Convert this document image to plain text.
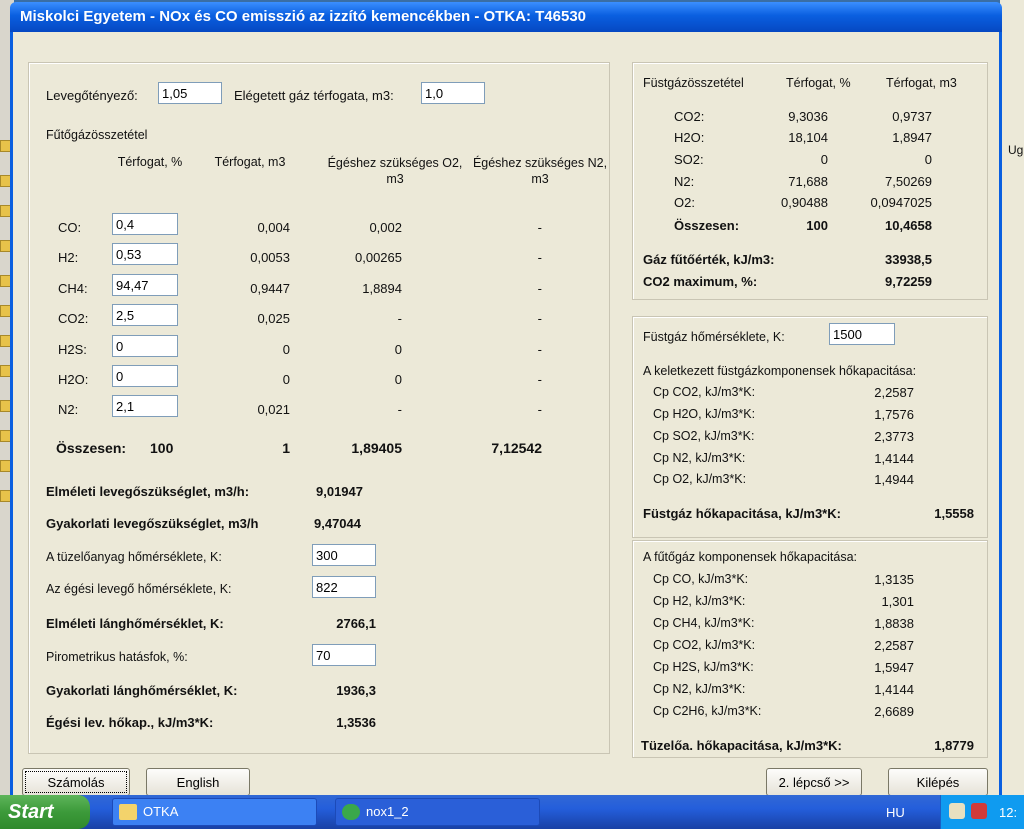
Ug
Miskolci Egyetem - NOx és CO emisszió az izzító kemencékben - OTKA: T46530
Levegőtényező:
1,05	Elégetett gáz térfogata, m3:
1,0
Fűtőgázösszetétel
Térfogat, %	Térfogat, m3	Égéshez szükséges O2, m3
Égéshez szükséges N2, m3
CO:
0,4	0,004	0,002	-
H2:
0,53	0,0053	0,00265	-
CH4:
94,47	0,9447	1,8894	-
CO2:
2,5	0,025	-	-
H2S:
0	0	0	-
H2O:
0	0	0	-
N2:
2,1	0,021	-	-
Összesen: 100	1	1,89405	7,12542
Elméleti levegőszükséglet, m3/h:	9,01947
Gyakorlati levegőszükséglet, m3/h	9,47044
A tüzelőanyag hőmérséklete, K:
300
Az égési levegő hőmérséklete, K:
822
Elméleti lánghőmérséklet, K:	2766,1
Pirometrikus hatásfok, %:
70
Gyakorlati lánghőmérséklet, K:	1936,3
Égési lev. hőkap., kJ/m3*K:	1,3536
Füstgázösszetétel	Térfogat, %	Térfogat, m3
CO2:	9,3036	0,9737
H2O:	18,104	1,8947
SO2:	0	0
N2:	71,688	7,50269
O2:	0,90488	0,0947025
Összesen:	100	10,4658
Gáz fűtőérték, kJ/m3:	33938,5
CO2 maximum, %:	9,72259
Füstgáz hőmérséklete, K:
1500
A keletkezett füstgázkomponensek hőkapacitása:
Cp CO2, kJ/m3*K:	2,2587
Cp H2O, kJ/m3*K:	1,7576
Cp SO2, kJ/m3*K:	2,3773
Cp N2, kJ/m3*K:	1,4144
Cp O2, kJ/m3*K:	1,4944
Füstgáz hőkapacitása, kJ/m3*K:	1,5558
A fűtőgáz komponensek hőkapacitása:
Cp CO, kJ/m3*K:	1,3135
Cp H2, kJ/m3*K:	1,301
Cp CH4, kJ/m3*K:	1,8838
Cp CO2, kJ/m3*K:	2,2587
Cp H2S, kJ/m3*K:	1,5947
Cp N2, kJ/m3*K:	1,4144
Cp C2H6, kJ/m3*K:	2,6689
Tüzelőa. hőkapacitása, kJ/m3*K:	1,8779
Számolás	English	2. lépcső >>	Kilépés
Start	OTKA	nox1_2	HU	12:
